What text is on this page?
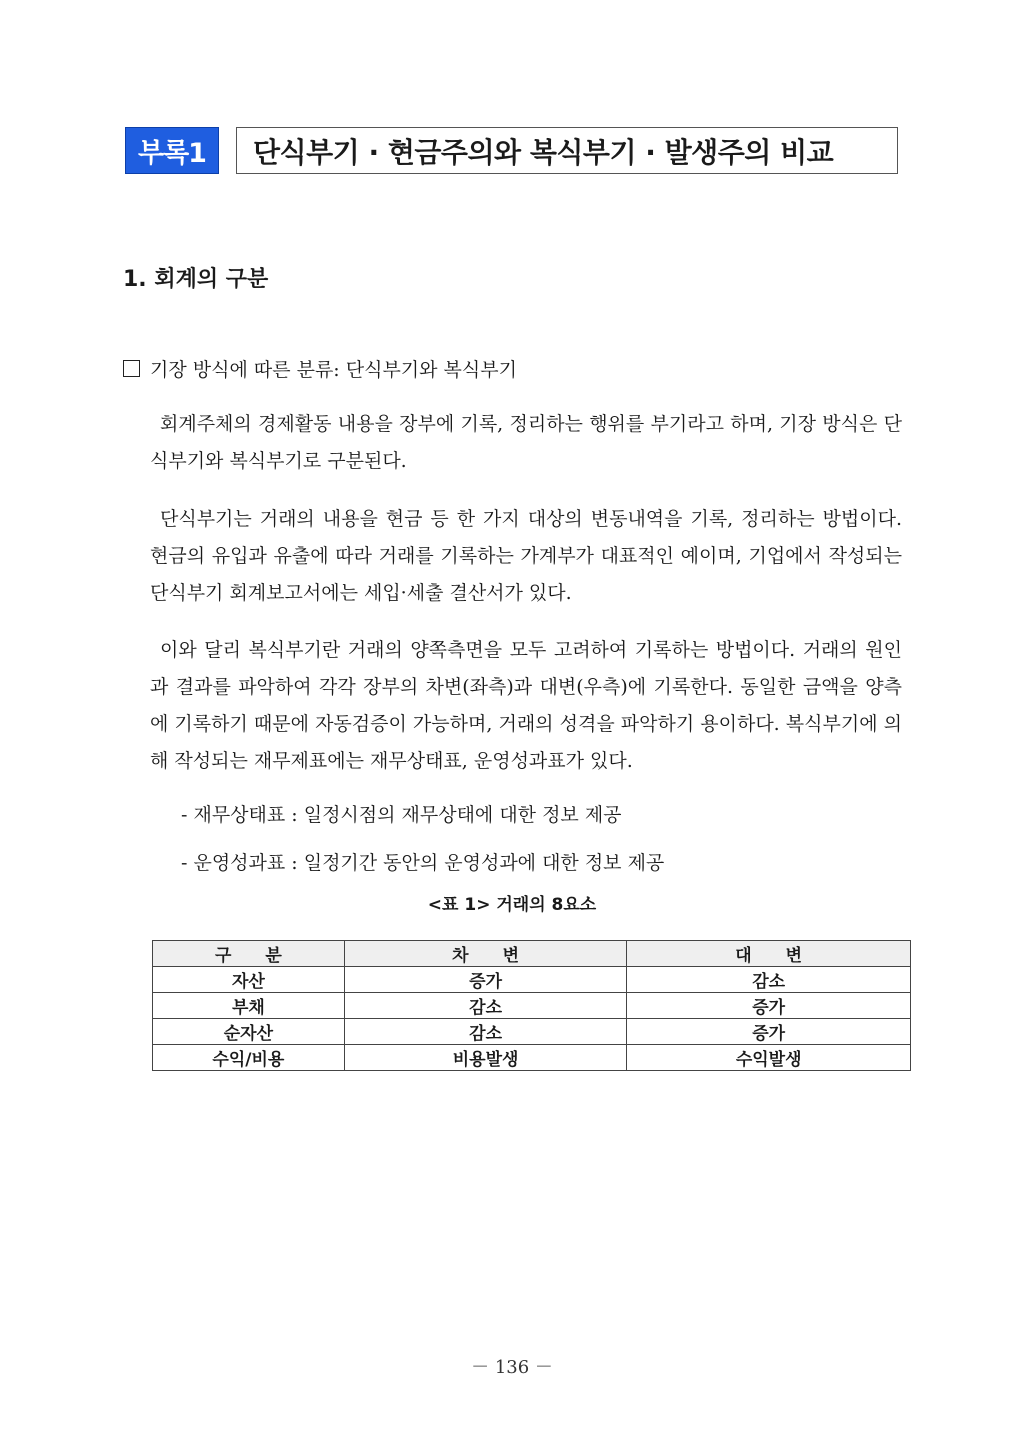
부록1	단식부기 · 현금주의와 복식부기 · 발생주의 비교
1. 회계의 구분
기장 방식에 따른 분류: 단식부기와 복식부기

회계주체의 경제활동 내용을 장부에 기록, 정리하는 행위를 부기라고 하며, 기장 방식은 단식부기와 복식부기로 구분된다.

단식부기는 거래의 내용을 현금 등 한 가지 대상의 변동내역을 기록, 정리하는 방법이다. 현금의 유입과 유출에 따라 거래를 기록하는 가계부가 대표적인 예이며, 기업에서 작성되는 단식부기 회계보고서에는 세입·세출 결산서가 있다.

이와 달리 복식부기란 거래의 양쪽측면을 모두 고려하여 기록하는 방법이다. 거래의 원인과 결과를 파악하여 각각 장부의 차변(좌측)과 대변(우측)에 기록한다. 동일한 금액을 양측에 기록하기 때문에 자동검증이 가능하며, 거래의 성격을 파악하기 용이하다. 복식부기에 의해 작성되는 재무제표에는 재무상태표, 운영성과표가 있다.

- 재무상태표 : 일정시점의 재무상태에 대한 정보 제공
- 운영성과표 : 일정기간 동안의 운영성과에 대한 정보 제공
<표 1> 거래의 8요소
구　　분	차　　변	대　　변
자산	증가	감소
부채	감소	증가
순자산	감소	증가
수익/비용	비용발생	수익발생
－ 136 －
